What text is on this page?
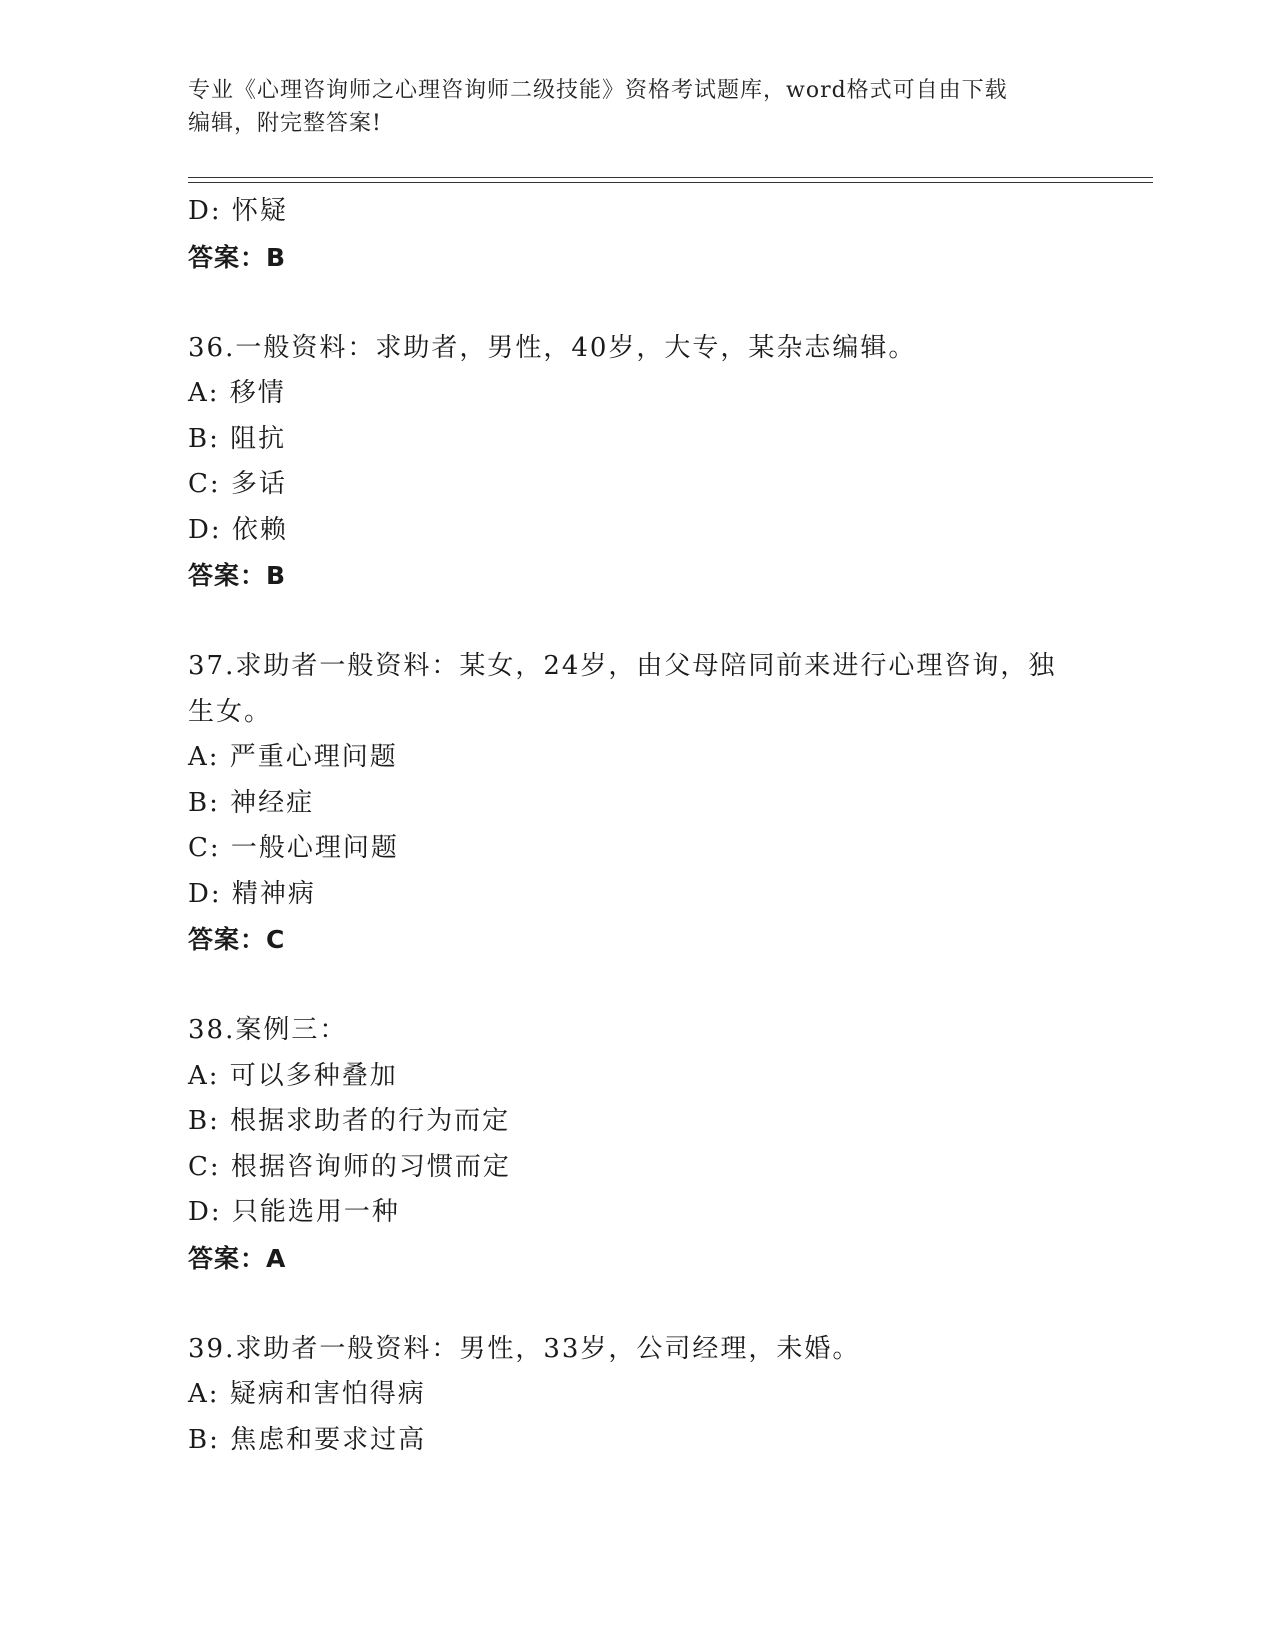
专业《心理咨询师之心理咨询师二级技能》资格考试题库，word格式可自由下载
编辑，附完整答案!
D: 怀疑
答案：B
36.一般资料：求助者，男性，40岁，大专，某杂志编辑。
A: 移情
B: 阻抗
C: 多话
D: 依赖
答案：B
37.求助者一般资料：某女，24岁，由父母陪同前来进行心理咨询，独
生女。
A: 严重心理问题
B: 神经症
C: 一般心理问题
D: 精神病
答案：C
38.案例三：
A: 可以多种叠加
B: 根据求助者的行为而定
C: 根据咨询师的习惯而定
D: 只能选用一种
答案：A
39.求助者一般资料：男性，33岁，公司经理，未婚。
A: 疑病和害怕得病
B: 焦虑和要求过高
